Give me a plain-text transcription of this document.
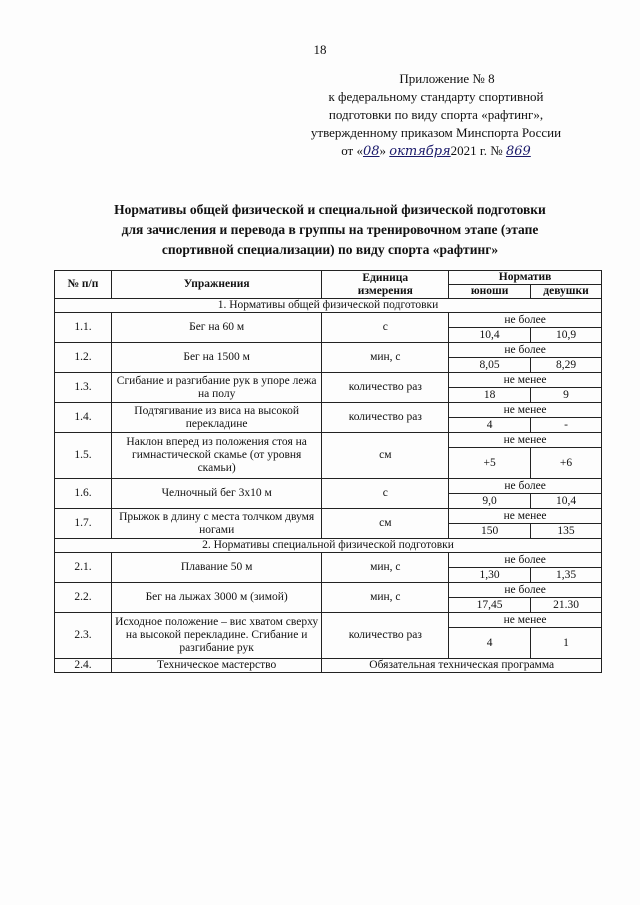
18
Приложение № 8
к федеральному стандарту спортивной
подготовки по виду спорта «рафтинг»,
утвержденному приказом Минспорта России
от «08» октября2021 г. № 869
Нормативы общей физической и специальной физической подготовки
для зачисления и перевода в группы на тренировочном этапе (этапе
спортивной специализации) по виду спорта «рафтинг»
№ п/п	Упражнения	Единица
измерения	Норматив	
			юноши	девушки
1. Нормативы общей физической подготовки				
1.1.	Бег на 60 м	с	не более	
			10,4	10,9
1.2.	Бег на 1500 м	мин, с	не более	
			8,05	8,29
1.3.	Сгибание и разгибание рук в упоре лежа на полу	количество раз	не менее	
			18	9
1.4.	Подтягивание из виса на высокой перекладине	количество раз	не менее	
			4	-
1.5.	Наклон вперед из положения стоя на гимнастической скамье (от уровня скамьи)	см	не менее	
			+5	+6
1.6.	Челночный бег 3x10 м	с	не более	
			9,0	10,4
1.7.	Прыжок в длину с места толчком двумя ногами	см	не менее	
			150	135
2. Нормативы специальной физической подготовки				
2.1.	Плавание 50 м	мин, с	не более	
			1,30	1,35
2.2.	Бег на лыжах 3000 м (зимой)	мин, с	не более	
			17,45	21.30
2.3.	Исходное положение – вис хватом сверху на высокой перекладине. Сгибание и разгибание рук	количество раз	не менее	
			4	1
2.4.	Техническое мастерство	Обязательная техническая программа		
